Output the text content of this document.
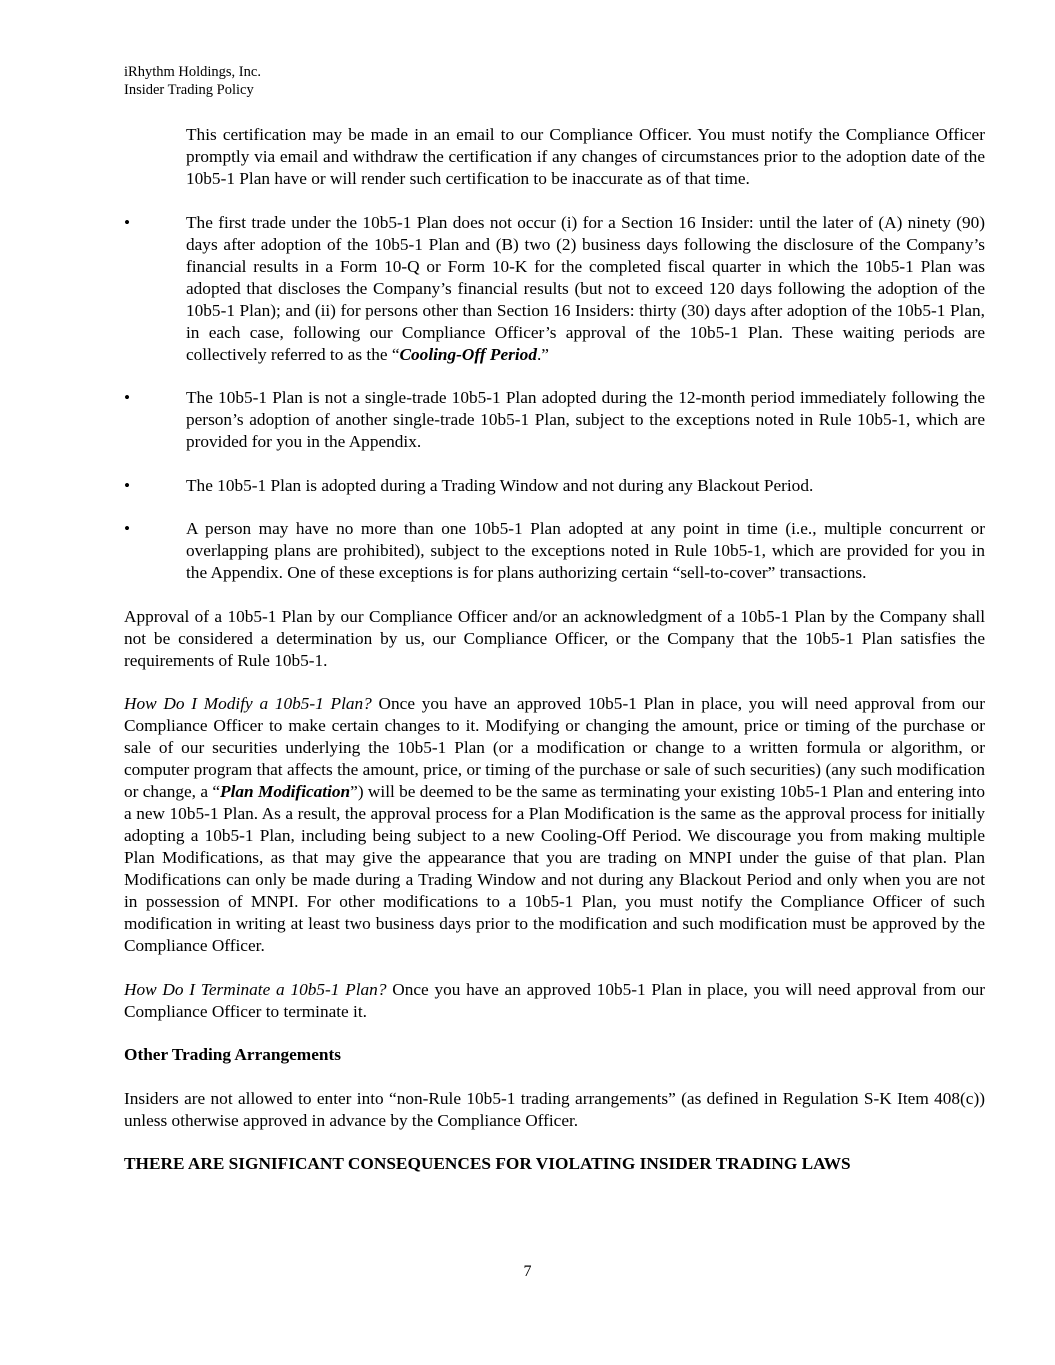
iRhythm Holdings, Inc.
Insider Trading Policy

This certification may be made in an email to our Compliance Officer. You must notify the Compliance Officer promptly via email and withdraw the certification if any changes of circumstances prior to the adoption date of the 10b5-1 Plan have or will render such certification to be inaccurate as of that time.

•	The first trade under the 10b5-1 Plan does not occur (i) for a Section 16 Insider: until the later of (A) ninety (90) days after adoption of the 10b5-1 Plan and (B) two (2) business days following the disclosure of the Company’s financial results in a Form 10-Q or Form 10-K for the completed fiscal quarter in which the 10b5-1 Plan was adopted that discloses the Company’s financial results (but not to exceed 120 days following the adoption of the 10b5-1 Plan); and (ii) for persons other than Section 16 Insiders: thirty (30) days after adoption of the 10b5-1 Plan, in each case, following our Compliance Officer’s approval of the 10b5-1 Plan. These waiting periods are collectively referred to as the “Cooling-Off Period.”

•	The 10b5-1 Plan is not a single-trade 10b5-1 Plan adopted during the 12-month period immediately following the person’s adoption of another single-trade 10b5-1 Plan, subject to the exceptions noted in Rule 10b5-1, which are provided for you in the Appendix.

•	The 10b5-1 Plan is adopted during a Trading Window and not during any Blackout Period.

•	A person may have no more than one 10b5-1 Plan adopted at any point in time (i.e., multiple concurrent or overlapping plans are prohibited), subject to the exceptions noted in Rule 10b5-1, which are provided for you in the Appendix. One of these exceptions is for plans authorizing certain “sell-to-cover” transactions.

Approval of a 10b5-1 Plan by our Compliance Officer and/or an acknowledgment of a 10b5-1 Plan by the Company shall not be considered a determination by us, our Compliance Officer, or the Company that the 10b5-1 Plan satisfies the requirements of Rule 10b5-1.

How Do I Modify a 10b5-1 Plan? Once you have an approved 10b5-1 Plan in place, you will need approval from our Compliance Officer to make certain changes to it. Modifying or changing the amount, price or timing of the purchase or sale of our securities underlying the 10b5-1 Plan (or a modification or change to a written formula or algorithm, or computer program that affects the amount, price, or timing of the purchase or sale of such securities) (any such modification or change, a “Plan Modification”) will be deemed to be the same as terminating your existing 10b5-1 Plan and entering into a new 10b5-1 Plan. As a result, the approval process for a Plan Modification is the same as the approval process for initially adopting a 10b5-1 Plan, including being subject to a new Cooling-Off Period. We discourage you from making multiple Plan Modifications, as that may give the appearance that you are trading on MNPI under the guise of that plan. Plan Modifications can only be made during a Trading Window and not during any Blackout Period and only when you are not in possession of MNPI. For other modifications to a 10b5-1 Plan, you must notify the Compliance Officer of such modification in writing at least two business days prior to the modification and such modification must be approved by the Compliance Officer.

How Do I Terminate a 10b5-1 Plan? Once you have an approved 10b5-1 Plan in place, you will need approval from our Compliance Officer to terminate it.

Other Trading Arrangements

Insiders are not allowed to enter into “non-Rule 10b5-1 trading arrangements” (as defined in Regulation S-K Item 408(c)) unless otherwise approved in advance by the Compliance Officer.

THERE ARE SIGNIFICANT CONSEQUENCES FOR VIOLATING INSIDER TRADING LAWS

7
